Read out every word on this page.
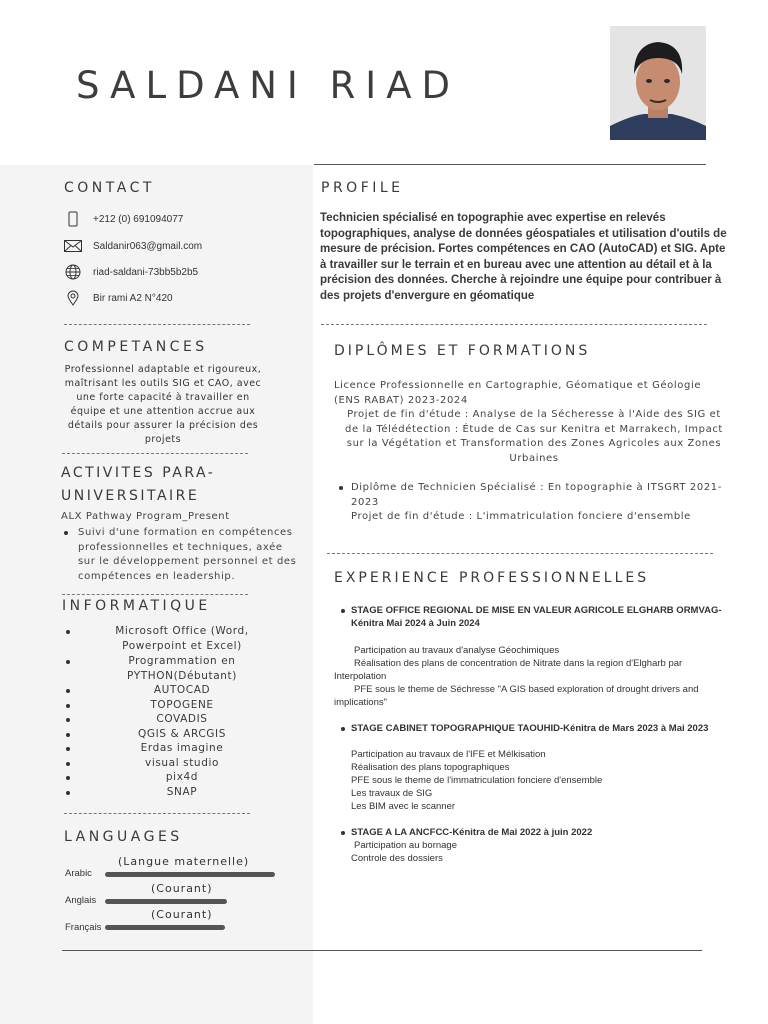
SALDANI RIAD
CONTACT
+212 (0) 691094077
Saldanir063@gmail.com
riad-saldani-73bb5b2b5
Bir rami A2 N°420
COMPETANCES
Professionnel adaptable et rigoureux,
maîtrisant les outils SIG et CAO, avec
une forte capacité à travailler en
équipe et une attention accrue aux
détails pour assurer la précision des
projets
ACTIVITES PARA-
UNIVERSITAIRE
ALX Pathway Program_Present
Suivi d'une formation en compétences
professionnelles et techniques, axée
sur le développement personnel et des
compétences en leadership.
INFORMATIQUE
Microsoft Office (Word,
Powerpoint et Excel)
Programmation en
PYTHON(Débutant)
AUTOCAD
TOPOGENE
COVADIS
QGIS & ARCGIS
Erdas imagine
visual studio
pix4d
SNAP
LANGUAGES
(Langue maternelle)
Arabic
(Courant)
Anglais
(Courant)
Français
PROFILE
Technicien spécialisé en topographie avec expertise en relevés
topographiques, analyse de données géospatiales et utilisation d'outils de
mesure de précision. Fortes compétences en CAO (AutoCAD) et SIG. Apte
à travailler sur le terrain et en bureau avec une attention au détail et à la
précision des données. Cherche à rejoindre une équipe pour contribuer à
des projets d'envergure en géomatique
DIPLÔMES ET FORMATIONS
Licence Professionnelle en Cartographie, Géomatique et Géologie
(ENS RABAT) 2023-2024
Projet de fin d'étude : Analyse de la Sécheresse à l'Aide des SIG et
de la Télédétection : Étude de Cas sur Kenitra et Marrakech, Impact
sur la Végétation et Transformation des Zones Agricoles aux Zones
Urbaines
Diplôme de Technicien Spécialisé : En topographie à ITSGRT 2021-
2023
Projet de fin d'étude : L'immatriculation fonciere d'ensemble
EXPERIENCE PROFESSIONNELLES
STAGE OFFICE REGIONAL DE MISE EN VALEUR AGRICOLE ELGHARB ORMVAG-
Kénitra Mai 2024 à Juin 2024
Participation au travaux d'analyse Géochimiques
Réalisation des plans de concentration de Nitrate dans la region d'Elgharb par
Interpolation
PFE sous le theme de Séchresse "A GIS based exploration of drought drivers and
implications"
STAGE CABINET TOPOGRAPHIQUE TAOUHID-Kénitra de Mars 2023 à Mai 2023
Participation au travaux de l'IFE et Mélkisation
Réalisation des plans topographiques
PFE sous le theme de l'immatriculation fonciere d'ensemble
Les travaux de SIG
Les BIM avec le scanner
STAGE A LA ANCFCC-Kénitra de Mai 2022 à juin 2022
Participation au bornage
Controle des dossiers
